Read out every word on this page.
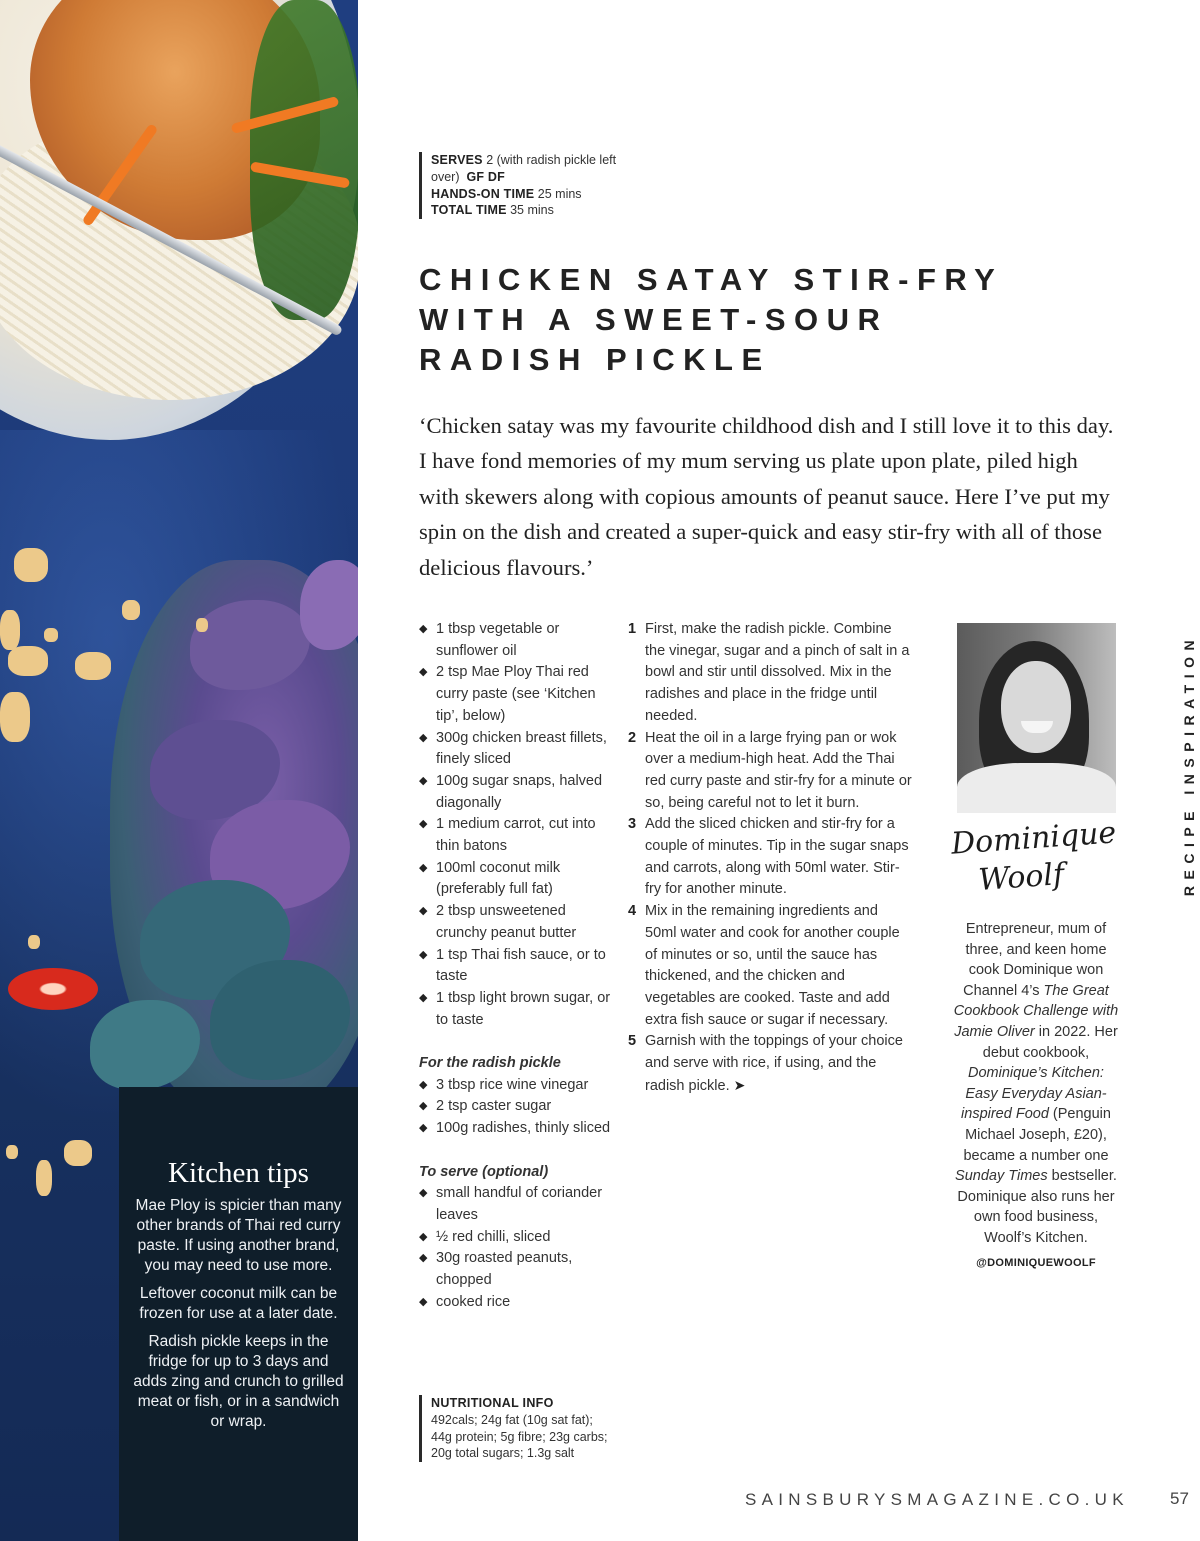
Kitchen tips

Mae Ploy is spicier than many other brands of Thai red curry paste. If using another brand, you may need to use more.

Leftover coconut milk can be frozen for use at a later date.

Radish pickle keeps in the fridge for up to 3 days and adds zing and crunch to grilled meat or fish, or in a sandwich or wrap.

SERVES 2 (with radish pickle left over) GF DF
HANDS-ON TIME 25 mins
TOTAL TIME 35 mins
CHICKEN SATAY STIR-FRY
WITH A SWEET-SOUR
RADISH PICKLE
‘Chicken satay was my favourite childhood dish and I still love it to this day. I have fond memories of my mum serving us plate upon plate, piled high with skewers along with copious amounts of peanut sauce. Here I’ve put my spin on the dish and created a super-quick and easy stir-fry with all of those delicious flavours.’
◆ 1 tbsp vegetable or sunflower oil
◆ 2 tsp Mae Ploy Thai red curry paste (see ‘Kitchen tip’, below)
◆ 300g chicken breast fillets, finely sliced
◆ 100g sugar snaps, halved diagonally
◆ 1 medium carrot, cut into thin batons
◆ 100ml coconut milk (preferably full fat)
◆ 2 tbsp unsweetened crunchy peanut butter
◆ 1 tsp Thai fish sauce, or to taste
◆ 1 tbsp light brown sugar, or to taste
For the radish pickle
◆ 3 tbsp rice wine vinegar
◆ 2 tsp caster sugar
◆ 100g radishes, thinly sliced
To serve (optional)
◆ small handful of coriander leaves
◆ ½ red chilli, sliced
◆ 30g roasted peanuts, chopped
◆ cooked rice
1 First, make the radish pickle. Combine the vinegar, sugar and a pinch of salt in a bowl and stir until dissolved. Mix in the radishes and place in the fridge until needed.
2 Heat the oil in a large frying pan or wok over a medium-high heat. Add the Thai red curry paste and stir-fry for a minute or so, being careful not to let it burn.
3 Add the sliced chicken and stir-fry for a couple of minutes. Tip in the sugar snaps and carrots, along with 50ml water. Stir-fry for another minute.
4 Mix in the remaining ingredients and 50ml water and cook for another couple of minutes or so, until the sauce has thickened, and the chicken and vegetables are cooked. Taste and add extra fish sauce or sugar if necessary.
5 Garnish with the toppings of your choice and serve with rice, if using, and the radish pickle. ➤
Dominique
Woolf
Entrepreneur, mum of three, and keen home cook Dominique won Channel 4’s The Great Cookbook Challenge with Jamie Oliver in 2022. Her debut cookbook, Dominique’s Kitchen: Easy Everyday Asian-inspired Food (Penguin Michael Joseph, £20), became a number one Sunday Times bestseller. Dominique also runs her own food business, Woolf’s Kitchen.
@DOMINIQUEWOOLF
NUTRITIONAL INFO
492cals; 24g fat (10g sat fat);
44g protein; 5g fibre; 23g carbs;
20g total sugars; 1.3g salt
RECIPE INSPIRATION
SAINSBURYSMAGAZINE.CO.UK 57
